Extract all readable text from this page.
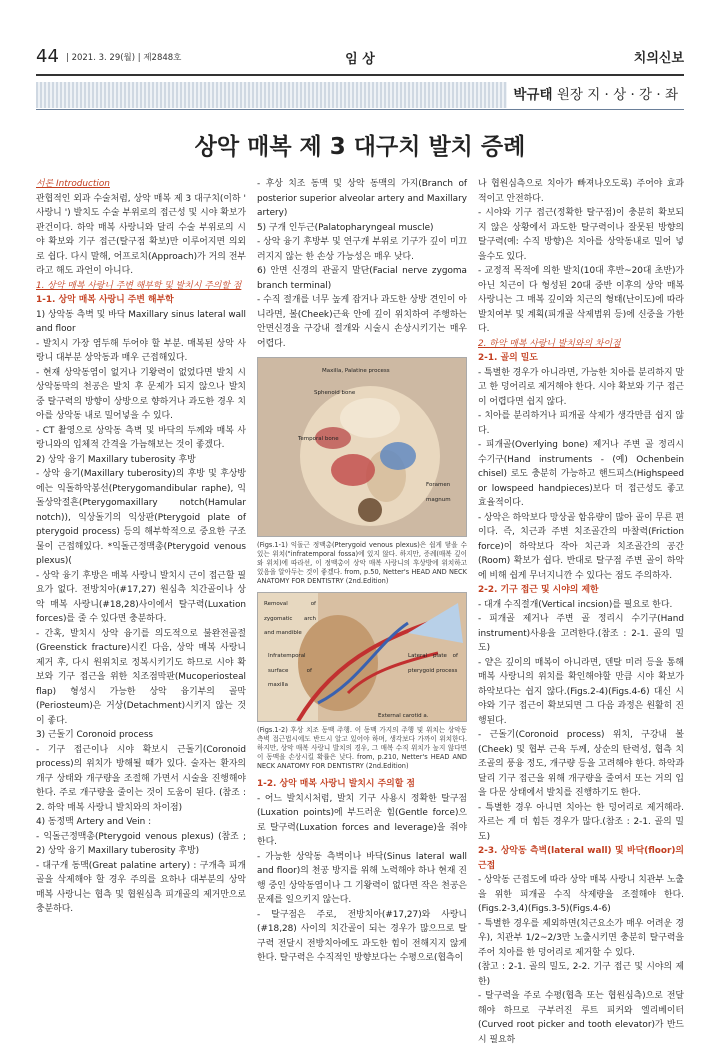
44 | 2021. 3. 29(월) | 제2848호	임 상	치의신보
박규태 원장 지 · 상 · 강 · 좌
상악 매복 제 3 대구치 발치 증례

서론 Introduction

관협적인 외과 수술처럼, 상악 매복 제 3 대구치(이하 ' 사랑니 ') 발치도 수술 부위로의 접근성 및 시야 확보가 관건이다. 하악 매복 사랑니와 달리 수술 부위로의 시야 확보와 기구 접근(탈구점 확보)만 이루어지면 의외로 쉽다. 다시 말해, 어프로치(Approach)가 거의 전부라고 해도 과언이 아니다.

1. 상악 매복 사랑니 주변 해부학 및 발치시 주의할 점

1-1. 상악 매복 사랑니 주변 해부학

1) 상악동 측벽 및 바닥 Maxillary sinus lateral wall and floor

- 발치시 가장 염두해 두어야 할 부분. 매복된 상악 사랑니 대부분 상악동과 매우 근접해있다.

- 현재 상악동염이 없거나 기왕력이 없었다면 발치 시 상악동막의 천공은 발치 후 문제가 되지 않으나 발치 중 탈구력의 방향이 상방으로 향하거나 과도한 경우 치아를 상악동 내로 밀어넣을 수 있다.

- CT 촬영으로 상악동 측벽 및 바닥의 두께와 매복 사랑니와의 입체적 간격을 가늠해보는 것이 좋겠다.

2) 상악 융기 Maxillary tuberosity 후방

- 상악 융기(Maxillary tuberosity)의 후방 및 후상방에는 익돌하악봉선(Pterygomandibular raphe), 익돌상악절흔(Pterygomaxillary notch(Hamular notch)), 익상돌기의 익상판(Pterygoid plate of pterygoid process) 등의 해부학적으로 중요한 구조물이 근접해있다. *익돌근정맥총(Pterygoid venous plexus)(

- 상악 융기 후방은 매복 사랑니 발치시 근이 접근할 필요가 없다. 전방치아(#17,27) 원심측 치간골이나 상악 매복 사랑니(#18,28)사이에서 탈구력(Luxation forces)를 줄 수 있다면 충분하다.

- 간혹, 발치시 상악 융기를 의도적으로 불완전골절(Greenstick fracture)시킨 다음, 상악 매복 사랑니 제거 후, 다시 원위치로 정복시키기도 하므로 시야 확보와 기구 접근을 위한 치조점막판(Mucoperiosteal flap) 형성시 가능한 상악 융기부의 골막(Periosteum)은 거상(Detachment)시키지 않는 것이 좋다.

3) 근돌기 Coronoid process

- 기구 접근이나 시야 확보시 근돌기(Coronoid process)의 위치가 방해될 때가 있다. 술자는 환자의 개구 상태와 개구량을 조절해 가면서 시술을 진행해야 한다. 주로 개구량을 줄이는 것이 도움이 된다. (참조 : 2. 하악 매복 사랑니 발치와의 차이점)

4) 동정맥 Artery and Vein :

- 익돌근정맥총(Pterygoid venous plexus) (참조 ; 2) 상악 융기 Maxillary tuberosity 후방)

- 대구개 동맥(Great palatine artery) : 구개측 피개골을 삭제해야 할 경우 주의를 요하나 대부분의 상악 매복 사랑니는 협측 및 협원심측 피개골의 제거만으로 충분하다.

- 후상 치조 동맥 및 상악 동맥의 가지(Branch of posterior superior alveolar artery and Maxillary artery)

5) 구개 인두근(Palatopharyngeal muscle)

- 상악 융기 후방부 및 연구개 부위로 기구가 깊이 미끄러지지 않는 한 손상 가능성은 매우 낮다.

6) 안면 신경의 관골지 말단(Facial nerve zygoma branch terminal)

- 수직 절개를 너무 높게 잡거나 과도한 상방 견인이 아니라면, 볼(Cheek)근육 안에 깊이 위치하여 주행하는 안면신경을 구강내 절개와 시술시 손상시키기는 매우 어렵다.

Maxilla, Palatine process
Sphenoid bone
Temporal bone
Foramen magnum
(Figs.1-1) 익돌근 정맥총(Pterygoid venous plexus)은 쉽게 닿을 수 있는 위치("infratemporal fossa)에 있지 않다. 하지만, 증례(매복 깊이와 위치)에 따라선, 이 정맥총이 상악 매복 사랑니의 후상방에 위치하고 있음을 알아두는 것이 좋겠다. from, p.50, Netter's HEAD AND NECK ANATOMY FOR DENTISTRY (2nd.Edition)
Removal of zygomatic arch and mandible
Infratemporal surface of maxilla
Lateral plate of pterygoid process
External carotid a.
(Figs.1-2) 후상 치조 동맥 주행. 이 동맥 가지의 주행 및 위치는 상악동 측벽 접근법시에도 반드시 알고 있어야 하며, 생각보다 가까이 위치한다. 하지만, 상악 매복 사랑니 발치의 경우, 그 매복 수직 위치가 높지 않다면 이 동맥을 손상시킬 확률은 낮다. from, p.210, Netter's HEAD AND NECK ANATOMY FOR DENTISTRY (2nd.Edition)

1-2. 상악 매복 사랑니 발치시 주의할 점

- 어느 발치시처럼, 발치 기구 사용시 정확한 탈구점(Luxation points)에 부드러운 힘(Gentle force)으로 탈구력(Luxation forces and leverage)을 줘야 한다.

- 가능한 상악동 측벽이나 바닥(Sinus lateral wall and floor)의 천공 방지를 위해 노력해야 하나 현재 진행 중인 상악동염이나 그 기왕력이 없다면 작은 천공은 문제를 일으키지 않는다.

- 탈구점은 주로, 전방치아(#17,27)와 사랑니(#18,28) 사이의 치간골이 되는 경우가 많으므로 탈구력 전달시 전방치아에도 과도한 힘이 전해지지 않게 한다. 탈구력은 수직적인 방향보다는 수평으로(협측이

나 협원심측으로 치아가 빠져나오도록) 주어야 효과적이고 안전하다.

- 시야와 기구 접근(정확한 탈구점)이 충분히 확보되지 않은 상황에서 과도한 탈구력이나 잘못된 방향의 탈구력(예: 수직 방향)은 치아를 상악동내로 밀어 넣을수도 있다.

- 교정적 목적에 의한 발치(10대 후반~20대 초반)가 아닌 치근이 다 형성된 20대 중반 이후의 상악 매복 사랑니는 그 매복 깊이와 치근의 형태(난이도)에 따라 발치여부 및 계획(피개골 삭제범위 등)에 신중을 가한다.

2. 하악 매복 사랑니 발치와의 차이점

2-1. 골의 밀도

- 특별한 경우가 아니라면, 가능한 치아를 분리하지 말고 한 덩어리로 제거해야 한다. 시야 확보와 기구 접근이 어렵다면 쉽지 않다.

- 치아를 분리하거나 피개골 삭제가 생각만큼 쉽지 않다.

- 피개골(Overlying bone) 제거나 주변 골 정리시 수기구(Hand instruments - (예) Ochenbein chisel) 로도 충분히 가능하고 핸드피스(Highspeed or lowspeed handpieces)보다 더 접근성도 좋고 효율적이다.

- 상악은 하악보다 망상골 함유량이 많아 골이 무른 편이다. 즉, 치근과 주변 치조골간의 마찰력(Friction force)이 하악보다 작아 치근과 치조골간의 공간(Room) 확보가 쉽다. 반대로 탈구점 주변 골이 하악에 비해 쉽게 무너지니깐 수 있다는 점도 주의하자.

2-2. 기구 접근 및 시야의 제한

- 대개 수직절개(Vertical incsion)를 필요로 한다.

- 피개골 제거나 주변 골 정리시 수기구(Hand instrument)사용을 고려한다.(참조 : 2-1. 골의 밀도)

- 얕은 깊이의 매복이 아니라면, 덴탈 미러 등을 통해 매복 사랑니의 위치를 확인해야할 만큼 시야 확보가 하악보다는 쉽지 않다.(Figs.2-4)(Figs.4-6) 대신 시야와 기구 접근이 확보되면 그 다음 과정은 원활히 진행된다.

- 근돌기(Coronoid process) 위치, 구강내 볼(Cheek) 및 협부 근육 두께, 상순의 탄력성, 협측 치조골의 풍융 정도, 개구량 등을 고려해야 한다. 하악과 달리 기구 접근을 위해 개구량을 줄여서 또는 거의 입을 다문 상태에서 발치를 진행하기도 한다.

- 특별한 경우 아니면 치아는 한 덩어리로 제거해라. 자르는 게 더 힘든 경우가 많다.(참조 : 2-1. 골의 밀도)

2-3. 상악동 측벽(lateral wall) 및 바닥(floor)의 근접

- 상악동 근접도에 따라 상악 매복 사랑니 치관부 노출을 위한 피개골 수직 삭제량을 조절해야 한다.(Figs.2-3,4)(Figs.3-5)(Figs.4-6)

- 특별한 경우를 제외하면(치근요소가 매우 어려운 경우), 치관부 1/2~2/3만 노출시키면 충분히 탈구력을 주어 치아를 한 덩어리로 제거할 수 있다.

(참고 : 2-1. 골의 밀도, 2-2. 기구 접근 및 시야의 제한)

- 탈구력을 주로 수평(협측 또는 협원심측)으로 전달해야 하므로 구부러진 루트 피커와 엘리베이터(Curved root picker and tooth elevator)가 반드시 필요하
